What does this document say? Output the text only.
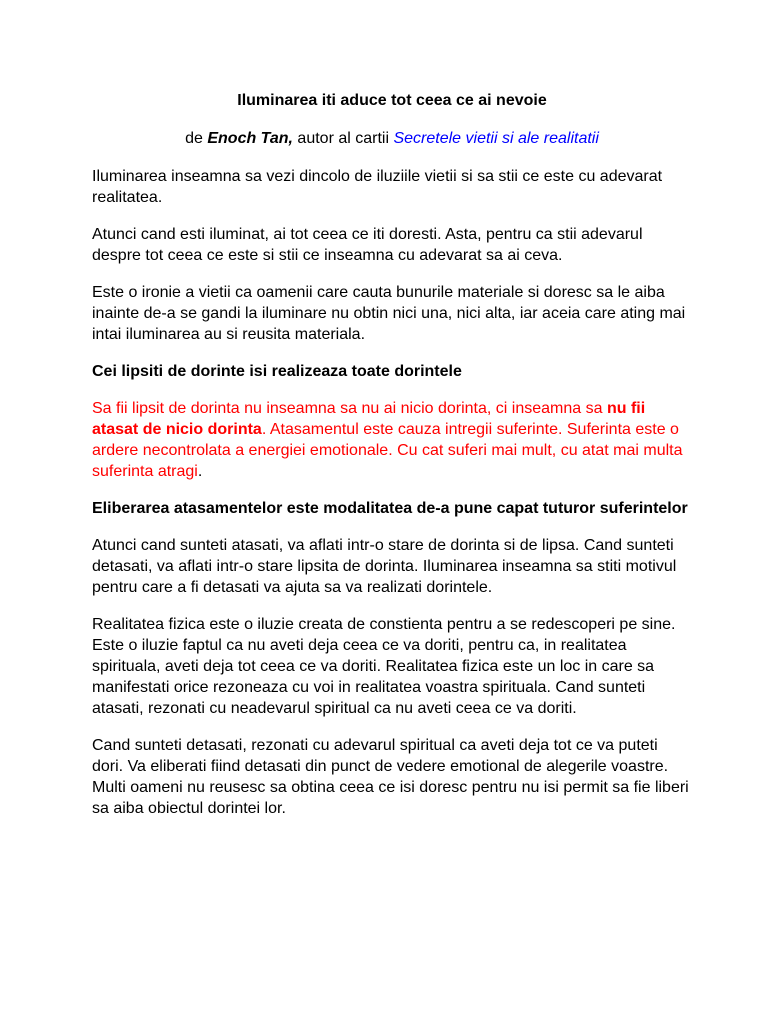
Iluminarea iti aduce tot ceea ce ai nevoie
de Enoch Tan, autor al cartii Secretele vietii si ale realitatii

Iluminarea inseamna sa vezi dincolo de iluziile vietii si sa stii ce este cu adevarat realitatea.

Atunci cand esti iluminat, ai tot ceea ce iti doresti. Asta, pentru ca stii adevarul despre tot ceea ce este si stii ce inseamna cu adevarat sa ai ceva.

Este o ironie a vietii ca oamenii care cauta bunurile materiale si doresc sa le aiba inainte de-a se gandi la iluminare nu obtin nici una, nici alta, iar aceia care ating mai intai iluminarea au si reusita materiala.

Cei lipsiti de dorinte isi realizeaza toate dorintele

Sa fii lipsit de dorinta nu inseamna sa nu ai nicio dorinta, ci inseamna sa nu fii atasat de nicio dorinta. Atasamentul este cauza intregii suferinte. Suferinta este o ardere necontrolata a energiei emotionale. Cu cat suferi mai mult, cu atat mai multa suferinta atragi.

Eliberarea atasamentelor este modalitatea de-a pune capat tuturor suferintelor

Atunci cand sunteti atasati, va aflati intr-o stare de dorinta si de lipsa. Cand sunteti detasati, va aflati intr-o stare lipsita de dorinta. Iluminarea inseamna sa stiti motivul pentru care a fi detasati va ajuta sa va realizati dorintele.

Realitatea fizica este o iluzie creata de constienta pentru a se redescoperi pe sine. Este o iluzie faptul ca nu aveti deja ceea ce va doriti, pentru ca, in realitatea spirituala, aveti deja tot ceea ce va doriti. Realitatea fizica este un loc in care sa manifestati orice rezoneaza cu voi in realitatea voastra spirituala. Cand sunteti atasati, rezonati cu neadevarul spiritual ca nu aveti ceea ce va doriti.

Cand sunteti detasati, rezonati cu adevarul spiritual ca aveti deja tot ce va puteti dori. Va eliberati fiind detasati din punct de vedere emotional de alegerile voastre. Multi oameni nu reusesc sa obtina ceea ce isi doresc pentru nu isi permit sa fie liberi sa aiba obiectul dorintei lor.
